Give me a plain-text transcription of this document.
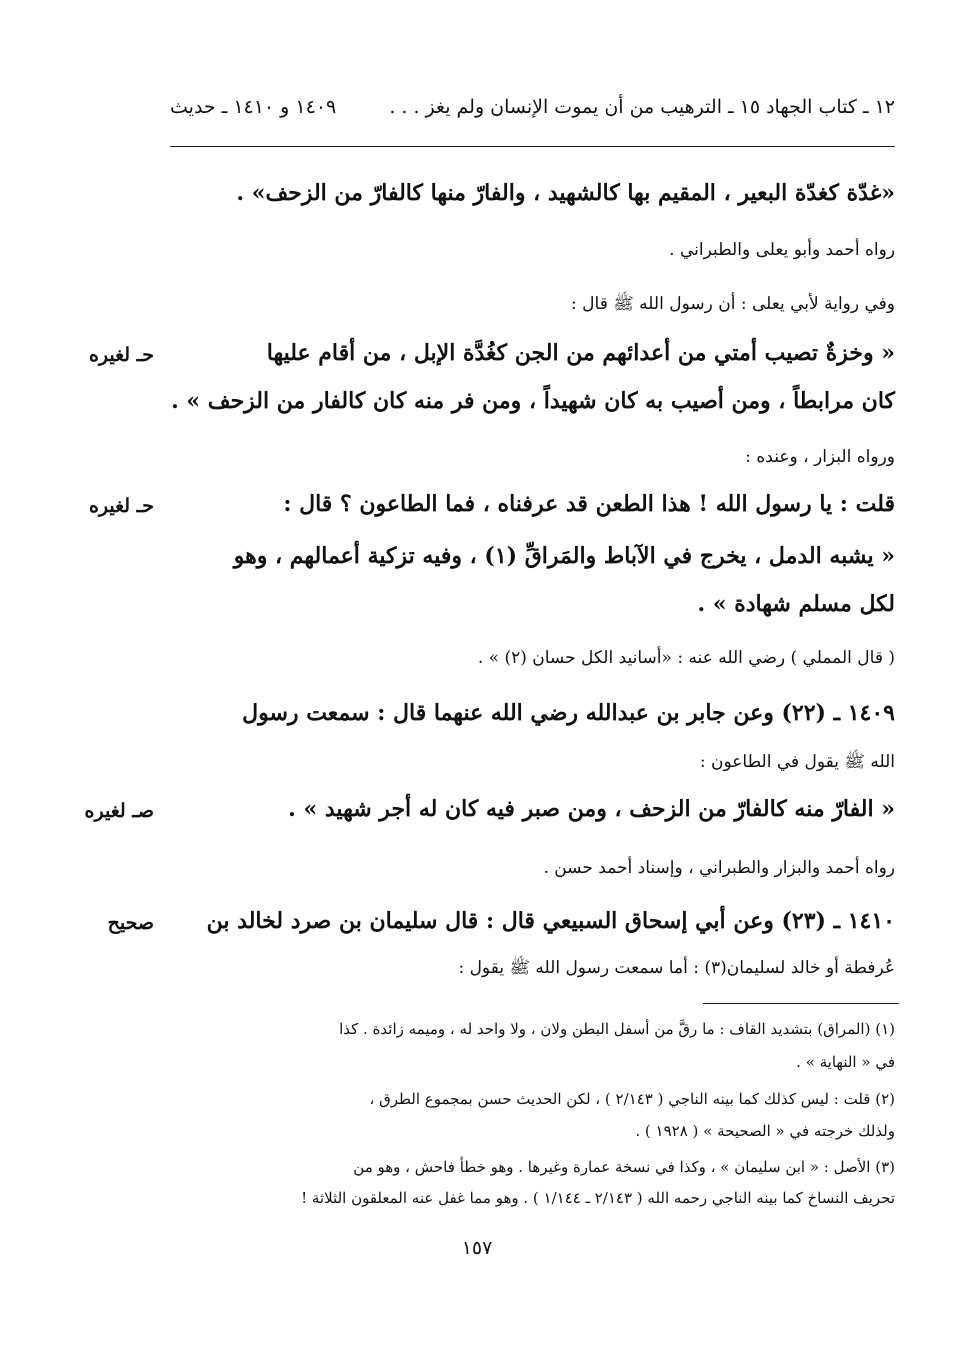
١٢ ـ كتاب الجهاد ١٥ ـ الترهيب من أن يموت الإنسان ولم يغز . . .
١٤٠٩ و ١٤١٠ ـ حديث
«غدّة كغدّة البعير ، المقيم بها كالشهيد ، والفارّ منها كالفارّ من الزحف» .
رواه أحمد وأبو يعلى والطبراني .
وفي رواية لأبي يعلى : أن رسول الله ﷺ قال :
« وخزةٌ تصيب أمتي من أعدائهم من الجن كغُدَّة الإبل ، من أقام عليها
حـ لغيره
كان مرابطاً ، ومن أصيب به كان شهيداً ، ومن فر منه كان كالفار من الزحف » .
ورواه البزار ، وعنده :
قلت : يا رسول الله ! هذا الطعن قد عرفناه ، فما الطاعون ؟ قال :
حـ لغيره
« يشبه الدمل ، يخرج في الآباط والمَراقِّ (١) ، وفيه تزكية أعمالهم ، وهو
لكل مسلم شهادة » .
( قال المملي ) رضي الله عنه : «أسانيد الكل حسان (٢) » .
١٤٠٩ ـ (٢٢) وعن جابر بن عبدالله رضي الله عنهما قال : سمعت رسول
الله ﷺ يقول في الطاعون :
« الفارّ منه كالفارّ من الزحف ، ومن صبر فيه كان له أجر شهيد » .
صـ لغيره
رواه أحمد والبزار والطبراني ، وإسناد أحمد حسن .
١٤١٠ ـ (٢٣) وعن أبي إسحاق السبيعي قال : قال سليمان بن صرد لخالد بن
صحيح
عُرفطة أو خالد لسليمان(٣) : أما سمعت رسول الله ﷺ يقول :
(١) (المراق) بتشديد القاف : ما رقَّ من أسفل البطن ولان ، ولا واحد له ، وميمه زائدة . كذا
في « النهاية » .
(٢) قلت : ليس كذلك كما بينه الناجي ( ٢/١٤٣ ) ، لكن الحديث حسن بمجموع الطرق ،
ولذلك خرجته في « الصحيحة » ( ١٩٢٨ ) .
(٣) الأصل : « ابن سليمان » ، وكذا في نسخة عمارة وغيرها . وهو خطأ فاحش ، وهو من
تحريف النساخ كما بينه الناجي رحمه الله ( ٢/١٤٣ ـ ١/١٤٤ ) . وهو مما غفل عنه المعلقون الثلاثة !
١٥٧
